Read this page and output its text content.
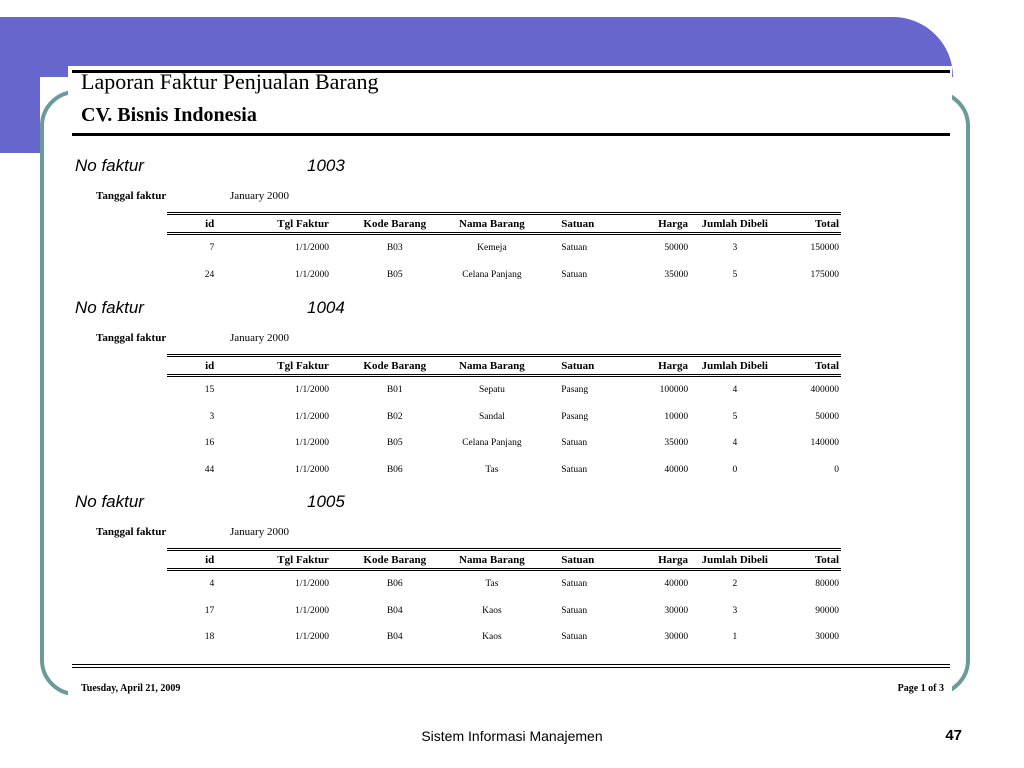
Laporan Faktur Penjualan Barang
CV. Bisnis Indonesia
No faktur	1003
Tanggal faktur	January 2000
id	Tgl Faktur	Kode Barang	Nama Barang	Satuan	Harga	Jumlah Dibeli	Total
7	1/1/2000	B03	Kemeja	Satuan	50000	3	150000
24	1/1/2000	B05	Celana Panjang	Satuan	35000	5	175000
No faktur	1004
Tanggal faktur	January 2000
id	Tgl Faktur	Kode Barang	Nama Barang	Satuan	Harga	Jumlah Dibeli	Total
15	1/1/2000	B01	Sepatu	Pasang	100000	4	400000
3	1/1/2000	B02	Sandal	Pasang	10000	5	50000
16	1/1/2000	B05	Celana Panjang	Satuan	35000	4	140000
44	1/1/2000	B06	Tas	Satuan	40000	0	0
No faktur	1005
Tanggal faktur	January 2000
id	Tgl Faktur	Kode Barang	Nama Barang	Satuan	Harga	Jumlah Dibeli	Total
4	1/1/2000	B06	Tas	Satuan	40000	2	80000
17	1/1/2000	B04	Kaos	Satuan	30000	3	90000
18	1/1/2000	B04	Kaos	Satuan	30000	1	30000
Tuesday, April 21, 2009	Page 1 of 3
Sistem Informasi Manajemen	47
